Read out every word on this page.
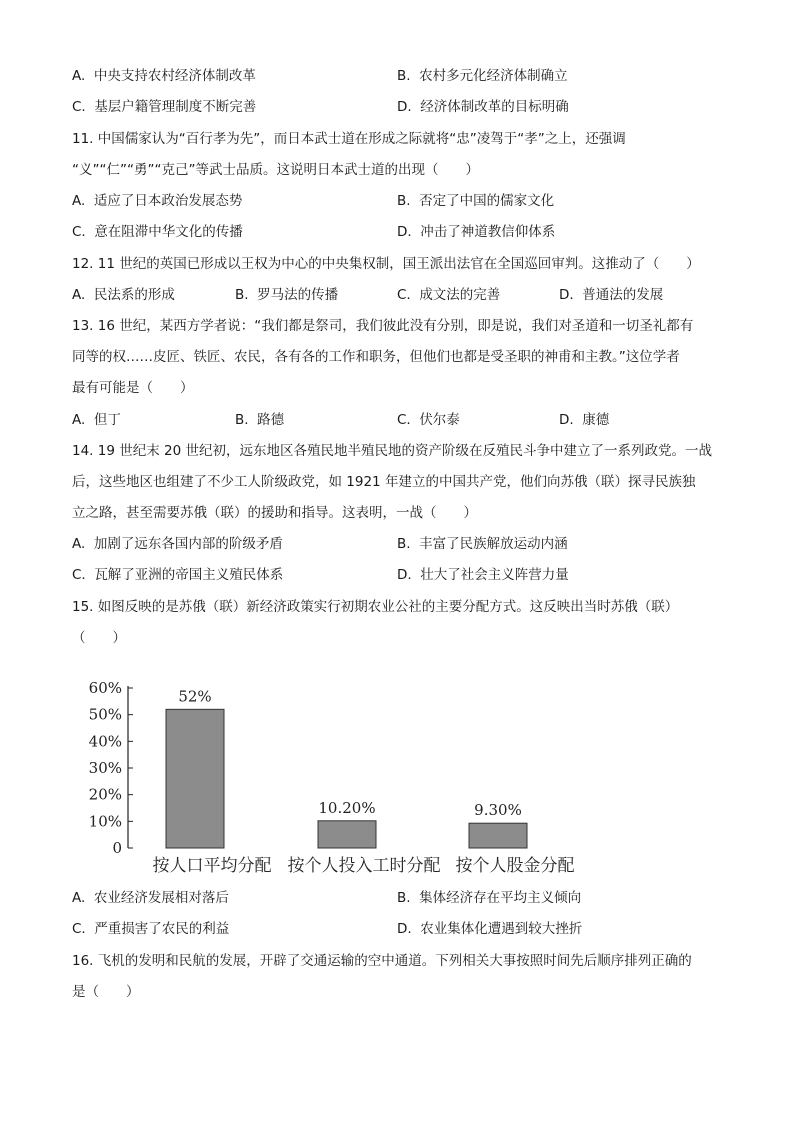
A. 中央支持农村经济体制改革	B. 农村多元化经济体制确立
C. 基层户籍管理制度不断完善	D. 经济体制改革的目标明确
11. 中国儒家认为“百行孝为先”，而日本武士道在形成之际就将“忠”凌驾于“孝”之上，还强调
“义”“仁”“勇”“克己”等武士品质。这说明日本武士道的出现（　　）
A. 适应了日本政治发展态势	B. 否定了中国的儒家文化
C. 意在阻滞中华文化的传播	D. 冲击了神道教信仰体系
12. 11 世纪的英国已形成以王权为中心的中央集权制，国王派出法官在全国巡回审判。这推动了（　　）
A. 民法系的形成	B. 罗马法的传播	C. 成文法的完善	D. 普通法的发展
13. 16 世纪，某西方学者说：“我们都是祭司，我们彼此没有分别，即是说，我们对圣道和一切圣礼都有
同等的权……皮匠、铁匠、农民，各有各的工作和职务，但他们也都是受圣职的神甫和主教。”这位学者
最有可能是（　　）
A. 但丁	B. 路德	C. 伏尔泰	D. 康德
14. 19 世纪末 20 世纪初，远东地区各殖民地半殖民地的资产阶级在反殖民斗争中建立了一系列政党。一战
后，这些地区也组建了不少工人阶级政党，如 1921 年建立的中国共产党，他们向苏俄（联）探寻民族独
立之路，甚至需要苏俄（联）的援助和指导。这表明，一战（　　）
A. 加剧了远东各国内部的阶级矛盾	B. 丰富了民族解放运动内涵
C. 瓦解了亚洲的帝国主义殖民体系	D. 壮大了社会主义阵营力量
15. 如图反映的是苏俄（联）新经济政策实行初期农业公社的主要分配方式。这反映出当时苏俄（联）
（　　）
0
10%
20%
30%
40%
50%
60%	52%
按人口平均分配
10.20%
按个人投入工时分配
9.30%
按个人股金分配
A. 农业经济发展相对落后	B. 集体经济存在平均主义倾向
C. 严重损害了农民的利益	D. 农业集体化遭遇到较大挫折
16. 飞机的发明和民航的发展，开辟了交通运输的空中通道。下列相关大事按照时间先后顺序排列正确的
是（　　）
